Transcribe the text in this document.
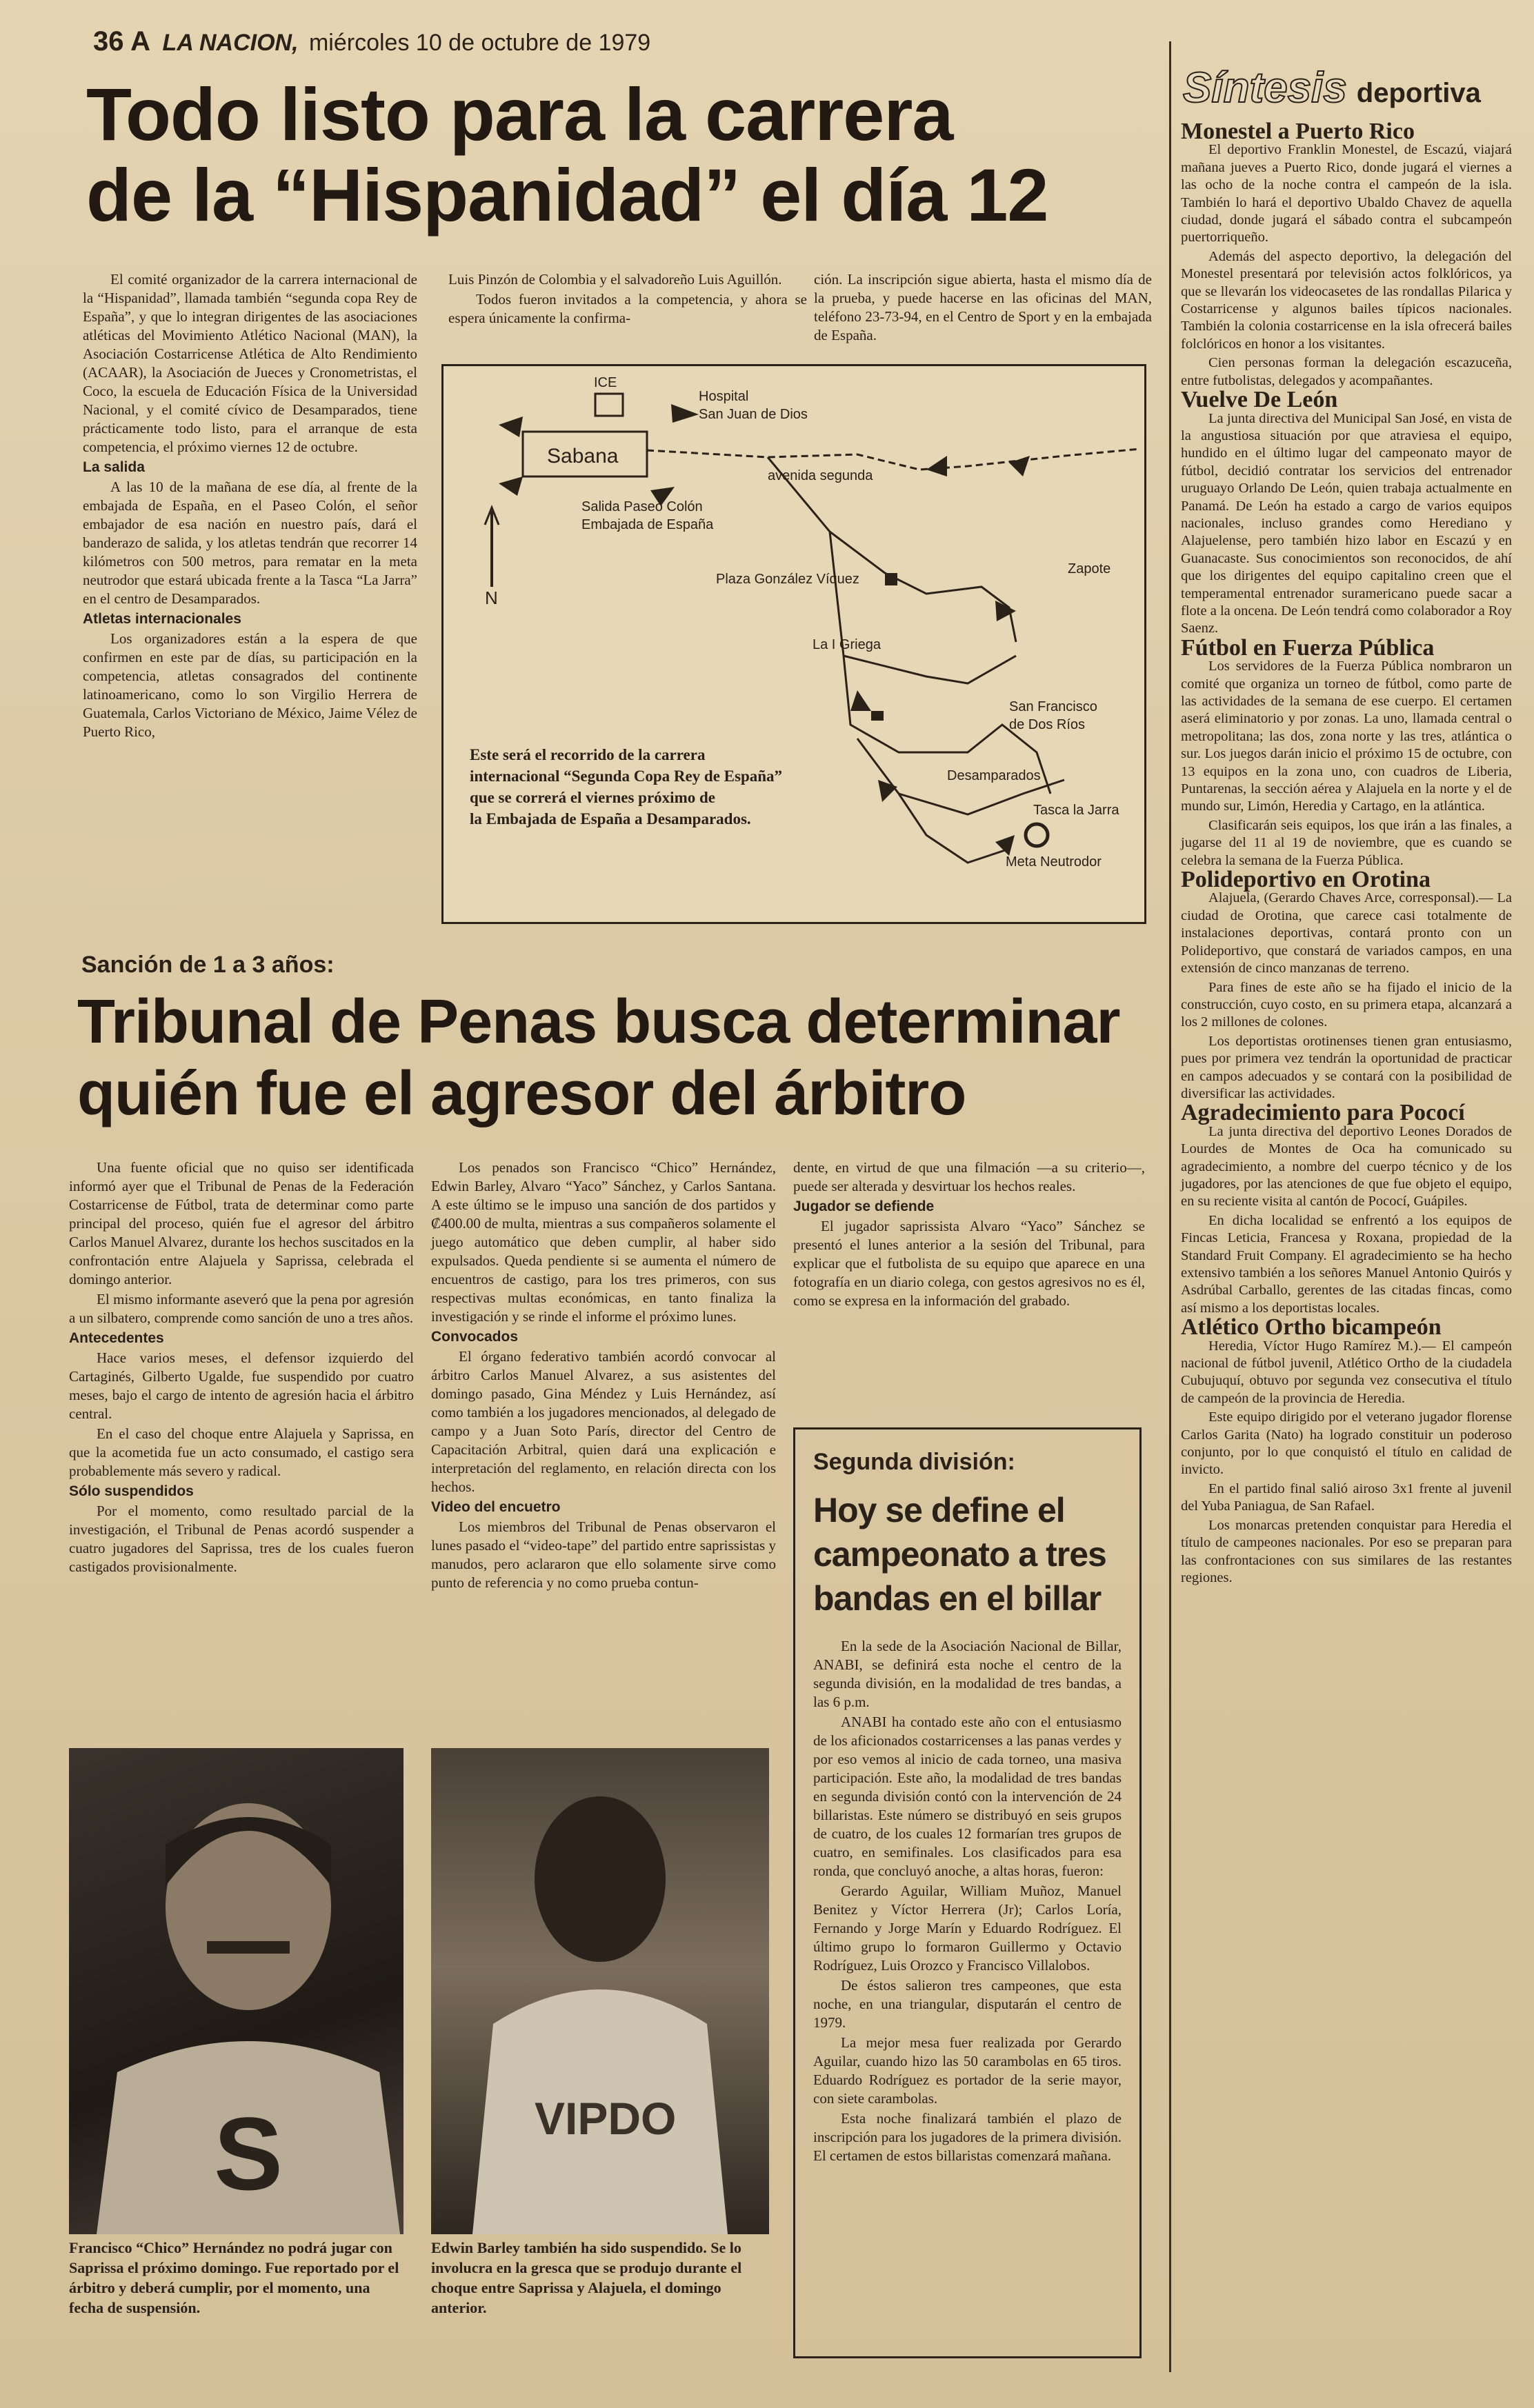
36 A LA NACION, miércoles 10 de octubre de 1979
Todo listo para la carrera
de la “Hispanidad” el día 12

El comité organizador de la carrera internacional de la “Hispanidad”, llamada también “segunda copa Rey de España”, y que lo integran dirigentes de las asociaciones atléticas del Movimiento Atlético Nacional (MAN), la Asociación Costarricense Atlética de Alto Rendimiento (ACAAR), la Asociación de Jueces y Cronometristas, el Coco, la escuela de Educación Física de la Universidad Nacional, y el comité cívico de Desamparados, tiene prácticamente todo listo, para el arranque de esta competencia, el próximo viernes 12 de octubre.

La salida

A las 10 de la mañana de ese día, al frente de la embajada de España, en el Paseo Colón, el señor embajador de esa nación en nuestro país, dará el banderazo de salida, y los atletas tendrán que recorrer 14 kilómetros con 500 metros, para rematar en la meta neutrodor que estará ubicada frente a la Tasca “La Jarra” en el centro de Desamparados.

Atletas internacionales

Los organizadores están a la espera de que confirmen en este par de días, su participación en la competencia, atletas consagrados del continente latinoamericano, como lo son Virgilio Herrera de Guatemala, Carlos Victoriano de México, Jaime Vélez de Puerto Rico,

Luis Pinzón de Colombia y el salvadoreño Luis Aguillón.

Todos fueron invitados a la competencia, y ahora se espera únicamente la confirma-

ción. La inscripción sigue abierta, hasta el mismo día de la prueba, y puede hacerse en las oficinas del MAN, teléfono 23-73-94, en el Centro de Sport y en la embajada de España.

ICE
Hospital
San Juan de Dios
Sabana
avenida segunda
Salida Paseo Colón
Embajada de España
N
Plaza González Víquez
Zapote
La I Griega
San Francisco
de Dos Ríos
Desamparados
Tasca la Jarra
Meta Neutrodor
Este será el recorrido de la carrera
internacional “Segunda Copa Rey de España”
que se correrá el viernes próximo de
la Embajada de España a Desamparados.
Sanción de 1 a 3 años:
Tribunal de Penas busca determinar
quién fue el agresor del árbitro

Una fuente oficial que no quiso ser identificada informó ayer que el Tribunal de Penas de la Federación Costarricense de Fútbol, trata de determinar como parte principal del proceso, quién fue el agresor del árbitro Carlos Manuel Alvarez, durante los hechos suscitados en la confrontación entre Alajuela y Saprissa, celebrada el domingo anterior.

El mismo informante aseveró que la pena por agresión a un silbatero, comprende como sanción de uno a tres años.

Antecedentes

Hace varios meses, el defensor izquierdo del Cartaginés, Gilberto Ugalde, fue suspendido por cuatro meses, bajo el cargo de intento de agresión hacia el árbitro central.

En el caso del choque entre Alajuela y Saprissa, en que la acometida fue un acto consumado, el castigo sera probablemente más severo y radical.

Sólo suspendidos

Por el momento, como resultado parcial de la investigación, el Tribunal de Penas acordó suspender a cuatro jugadores del Saprissa, tres de los cuales fueron castigados provisionalmente.

Los penados son Francisco “Chico” Hernández, Edwin Barley, Alvaro “Yaco” Sánchez, y Carlos Santana. A este último se le impuso una sanción de dos partidos y ₡400.00 de multa, mientras a sus compañeros solamente el juego automático que deben cumplir, al haber sido expulsados. Queda pendiente si se aumenta el número de encuentros de castigo, para los tres primeros, con sus respectivas multas económicas, en tanto finaliza la investigación y se rinde el informe el próximo lunes.

Convocados

El órgano federativo también acordó convocar al árbitro Carlos Manuel Alvarez, a sus asistentes del domingo pasado, Gina Méndez y Luis Hernández, así como también a los jugadores mencionados, al delegado de campo y a Juan Soto París, director del Centro de Capacitación Arbitral, quien dará una explicación e interpretación del reglamento, en relación directa con los hechos.

Video del encuetro

Los miembros del Tribunal de Penas observaron el lunes pasado el “video-tape” del partido entre saprissistas y manudos, pero aclararon que ello solamente sirve como punto de referencia y no como prueba contun-

dente, en virtud de que una filmación —a su criterio—, puede ser alterada y desvirtuar los hechos reales.

Jugador se defiende

El jugador saprissista Alvaro “Yaco” Sánchez se presentó el lunes anterior a la sesión del Tribunal, para explicar que el futbolista de su equipo que aparece en una fotografía en un diario colega, con gestos agresivos no es él, como se expresa en la información del grabado.

S
Francisco “Chico” Hernández no podrá jugar con Saprissa el próximo domingo. Fue reportado por el árbitro y deberá cumplir, por el momento, una fecha de suspensión.
VIPDO
Edwin Barley también ha sido suspendido. Se lo involucra en la gresca que se produjo durante el choque entre Saprissa y Alajuela, el domingo anterior.
Segunda división:
Hoy se define el campeonato a tres bandas en el billar

En la sede de la Asociación Nacional de Billar, ANABI, se definirá esta noche el centro de la segunda división, en la modalidad de tres bandas, a las 6 p.m.

ANABI ha contado este año con el entusiasmo de los aficionados costarricenses a las panas verdes y por eso vemos al inicio de cada torneo, una masiva participación. Este año, la modalidad de tres bandas en segunda división contó con la intervención de 24 billaristas. Este número se distribuyó en seis grupos de cuatro, de los cuales 12 formarían tres grupos de cuatro, en semifinales. Los clasificados para esa ronda, que concluyó anoche, a altas horas, fueron:

Gerardo Aguilar, William Muñoz, Manuel Benitez y Víctor Herrera (Jr); Carlos Loría, Fernando y Jorge Marín y Eduardo Rodríguez. El último grupo lo formaron Guillermo y Octavio Rodríguez, Luis Orozco y Francisco Villalobos.

De éstos salieron tres campeones, que esta noche, en una triangular, disputarán el centro de 1979.

La mejor mesa fuer realizada por Gerardo Aguilar, cuando hizo las 50 carambolas en 65 tiros. Eduardo Rodríguez es portador de la serie mayor, con siete carambolas.

Esta noche finalizará también el plazo de inscripción para los jugadores de la primera división. El certamen de estos billaristas comenzará mañana.

Síntesis deportiva

Monestel a Puerto Rico

El deportivo Franklin Monestel, de Escazú, viajará mañana jueves a Puerto Rico, donde jugará el viernes a las ocho de la noche contra el campeón de la isla. También lo hará el deportivo Ubaldo Chavez de aquella ciudad, donde jugará el sábado contra el subcampeón puertorriqueño.

Además del aspecto deportivo, la delegación del Monestel presentará por televisión actos folklóricos, ya que se llevarán los videocasetes de las rondallas Pilarica y Costarricense y algunos bailes típicos nacionales. También la colonia costarricense en la isla ofrecerá bailes folclóricos en honor a los visitantes.

Cien personas forman la delegación escazuceña, entre futbolistas, delegados y acompañantes.

Vuelve De León

La junta directiva del Municipal San José, en vista de la angustiosa situación por que atraviesa el equipo, hundido en el último lugar del campeonato mayor de fútbol, decidió contratar los servicios del entrenador uruguayo Orlando De León, quien trabaja actualmente en Panamá. De León ha estado a cargo de varios equipos nacionales, incluso grandes como Herediano y Alajuelense, pero también hizo labor en Escazú y en Guanacaste. Sus conocimientos son reconocidos, de ahí que los dirigentes del equipo capitalino creen que el temperamental entrenador suramericano puede sacar a flote a la oncena. De León tendrá como colaborador a Roy Saenz.

Fútbol en Fuerza Pública

Los servidores de la Fuerza Pública nombraron un comité que organiza un torneo de fútbol, como parte de las actividades de la semana de ese cuerpo. El certamen aserá eliminatorio y por zonas. La uno, llamada central o metropolitana; las dos, zona norte y las tres, atlántica o sur. Los juegos darán inicio el próximo 15 de octubre, con 13 equipos en la zona uno, con cuadros de Liberia, Puntarenas, la sección aérea y Alajuela en la norte y el de mundo sur, Limón, Heredia y Cartago, en la atlántica.

Clasificarán seis equipos, los que irán a las finales, a jugarse del 11 al 19 de noviembre, que es cuando se celebra la semana de la Fuerza Pública.

Polideportivo en Orotina

Alajuela, (Gerardo Chaves Arce, corresponsal).— La ciudad de Orotina, que carece casi totalmente de instalaciones deportivas, contará pronto con un Polideportivo, que constará de variados campos, en una extensión de cinco manzanas de terreno.

Para fines de este año se ha fijado el inicio de la construcción, cuyo costo, en su primera etapa, alcanzará a los 2 millones de colones.

Los deportistas orotinenses tienen gran entusiasmo, pues por primera vez tendrán la oportunidad de practicar en campos adecuados y se contará con la posibilidad de diversificar las actividades.

Agradecimiento para Pococí

La junta directiva del deportivo Leones Dorados de Lourdes de Montes de Oca ha comunicado su agradecimiento, a nombre del cuerpo técnico y de los jugadores, por las atenciones de que fue objeto el equipo, en su reciente visita al cantón de Pococí, Guápiles.

En dicha localidad se enfrentó a los equipos de Fincas Leticia, Francesa y Roxana, propiedad de la Standard Fruit Company. El agradecimiento se ha hecho extensivo también a los señores Manuel Antonio Quirós y Asdrúbal Carballo, gerentes de las citadas fincas, como así mismo a los deportistas locales.

Atlético Ortho bicampeón

Heredia, Víctor Hugo Ramírez M.).— El campeón nacional de fútbol juvenil, Atlético Ortho de la ciudadela Cubujuquí, obtuvo por segunda vez consecutiva el título de campeón de la provincia de Heredia.

Este equipo dirigido por el veterano jugador florense Carlos Garita (Nato) ha logrado constituir un poderoso conjunto, por lo que conquistó el título en calidad de invicto.

En el partido final salió airoso 3x1 frente al juvenil del Yuba Paniagua, de San Rafael.

Los monarcas pretenden conquistar para Heredia el título de campeones nacionales. Por eso se preparan para las confrontaciones con sus similares de las restantes regiones.
